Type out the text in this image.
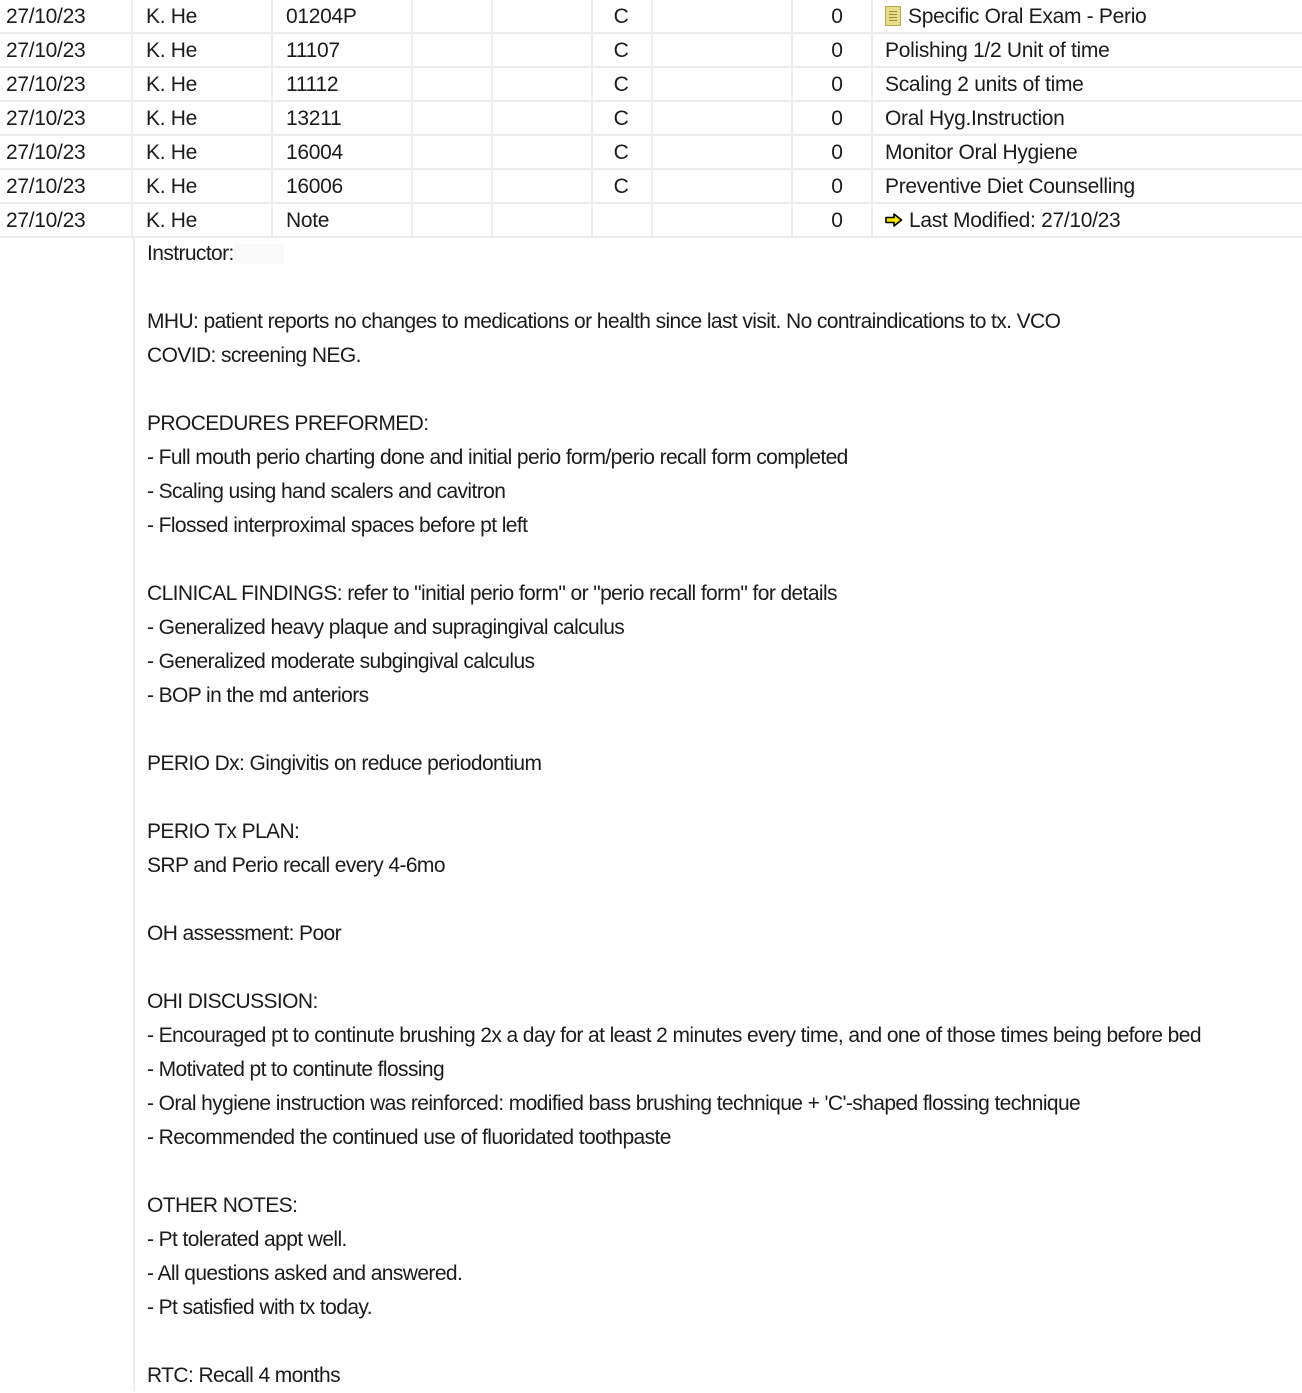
27/10/23	K. He	01204P	C	0	Specific Oral Exam - Perio
27/10/23	K. He	11107	C	0	Polishing 1/2 Unit of time
27/10/23	K. He	11112	C	0	Scaling 2 units of time
27/10/23	K. He	13211	C	0	Oral Hyg.Instruction
27/10/23	K. He	16004	C	0	Monitor Oral Hygiene
27/10/23	K. He	16006	C	0	Preventive Diet Counselling
27/10/23	K. He	Note	0	Last Modified: 27/10/23
Instructor:
MHU: patient reports no changes to medications or health since last visit. No contraindications to tx. VCO
COVID: screening NEG.
PROCEDURES PREFORMED:
- Full mouth perio charting done and initial perio form/perio recall form completed
- Scaling using hand scalers and cavitron
- Flossed interproximal spaces before pt left
CLINICAL FINDINGS: refer to "initial perio form" or "perio recall form" for details
- Generalized heavy plaque and supragingival calculus
- Generalized moderate subgingival calculus
- BOP in the md anteriors
PERIO Dx: Gingivitis on reduce periodontium
PERIO Tx PLAN:
SRP and Perio recall every 4-6mo
OH assessment: Poor
OHI DISCUSSION:
- Encouraged pt to continute brushing 2x a day for at least 2 minutes every time, and one of those times being before bed
- Motivated pt to continute flossing
- Oral hygiene instruction was reinforced: modified bass brushing technique + 'C'-shaped flossing technique
- Recommended the continued use of fluoridated toothpaste
OTHER NOTES:
- Pt tolerated appt well.
- All questions asked and answered.
- Pt satisfied with tx today.
RTC: Recall 4 months
